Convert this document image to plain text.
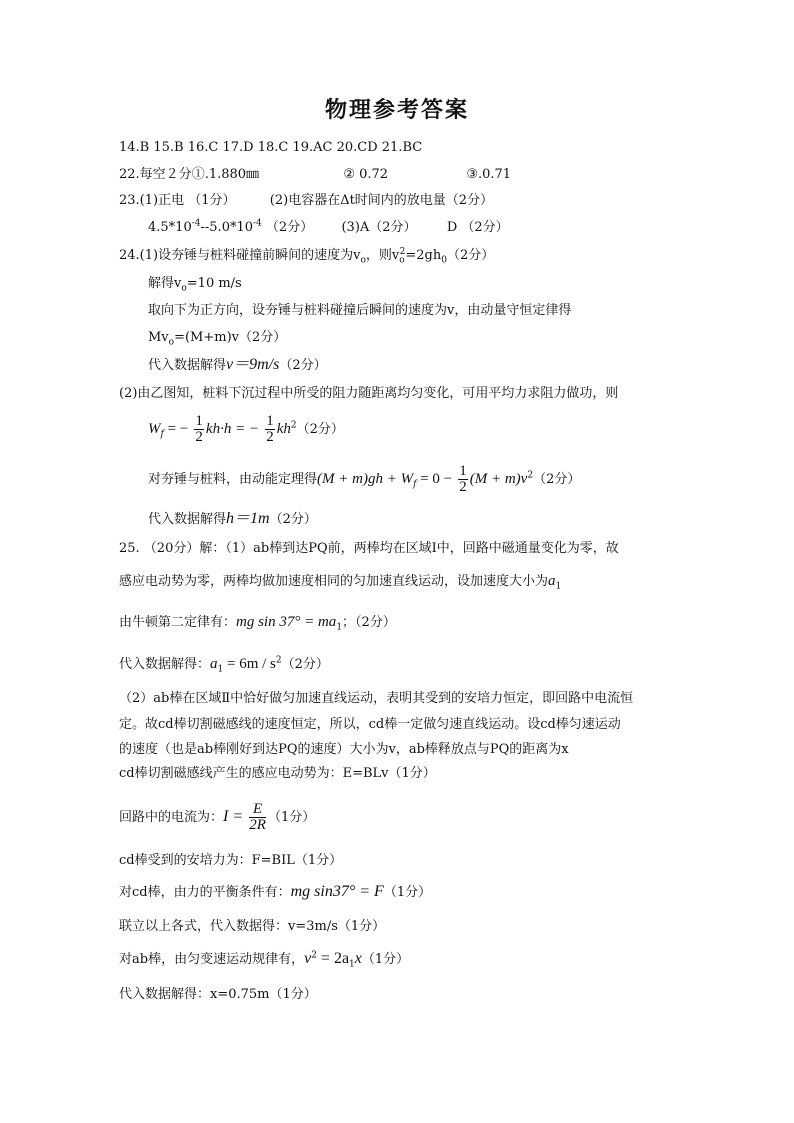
物理参考答案
14.B 15.B 16.C 17.D 18.C 19.AC 20.CD 21.BC
22.每空２分①.1.880㎜	② 0.72	③.0.71
23.(1)正电 （1分）	(2)电容器在Δt时间内的放电量（2分）
$4.5*10^{-4}--5.0*10^{-4}$ （2分） (3)A（2分） D （2分）
24.(1)设夯锤与桩料碰撞前瞬间的速度为$v_o$，则$v_o^2=2gh_0(2$分）
解得$v_o=10$ m/s
取向下为正方向，设夯锤与桩料碰撞后瞬间的速度为v，由动量守恒定律得
$Mv_o=(M+m)v(2$分）
代入数据解得v＝9m/s（2分）
(2)由乙图知，桩料下沉过程中所受的阻力随距离均匀变化，可用平均力求阻力做功，则
$W_f$ = − $\frac{1}{2} kh\cdot h$ = − $\frac{1}{2} kh^2(2$分）
对夯锤与桩料，由动能定理得$(M + m)gh + W_f = 0 - \frac{1}{2} (M + m)v^2(2$分）
代入数据解得h＝1m（2分）
25. （20分）解：（1）ab棒到达PQ前，两棒均在区域Ⅰ中，回路中磁通量变化为零，故
感应电动势为零，两棒均做加速度相同的匀加速直线运动，设加速度大小为$a_1$
由牛顿第二定律有：mg $\sin 37^\circ = ma_1$；（2分）
代入数据解得：$a_1 = 6m / s^2(2$分）
（2）ab棒在区域Ⅱ中恰好做匀加速直线运动，表明其受到的安培力恒定，即回路中电流恒
定。故cd棒切割磁感线的速度恒定，所以，cd棒一定做匀速直线运动。设cd棒匀速运动
的速度（也是ab棒刚好到达PQ的速度）大小为v，ab棒释放点与PQ的距离为x
cd棒切割磁感线产生的感应电动势为：E=BLv（1分）
回路中的电流为：$I = \frac{E}{2R} (1$分）
cd棒受到的安培力为：F=BIL（1分）
对cd棒，由力的平衡条件有：mg sin37° = F（1分）
联立以上各式，代入数据得：v=3m/s（1分）
对ab棒，由匀变速运动规律有，$v^2 = 2a_1x(1$分）
代入数据解得：x=0.75m（1分）
